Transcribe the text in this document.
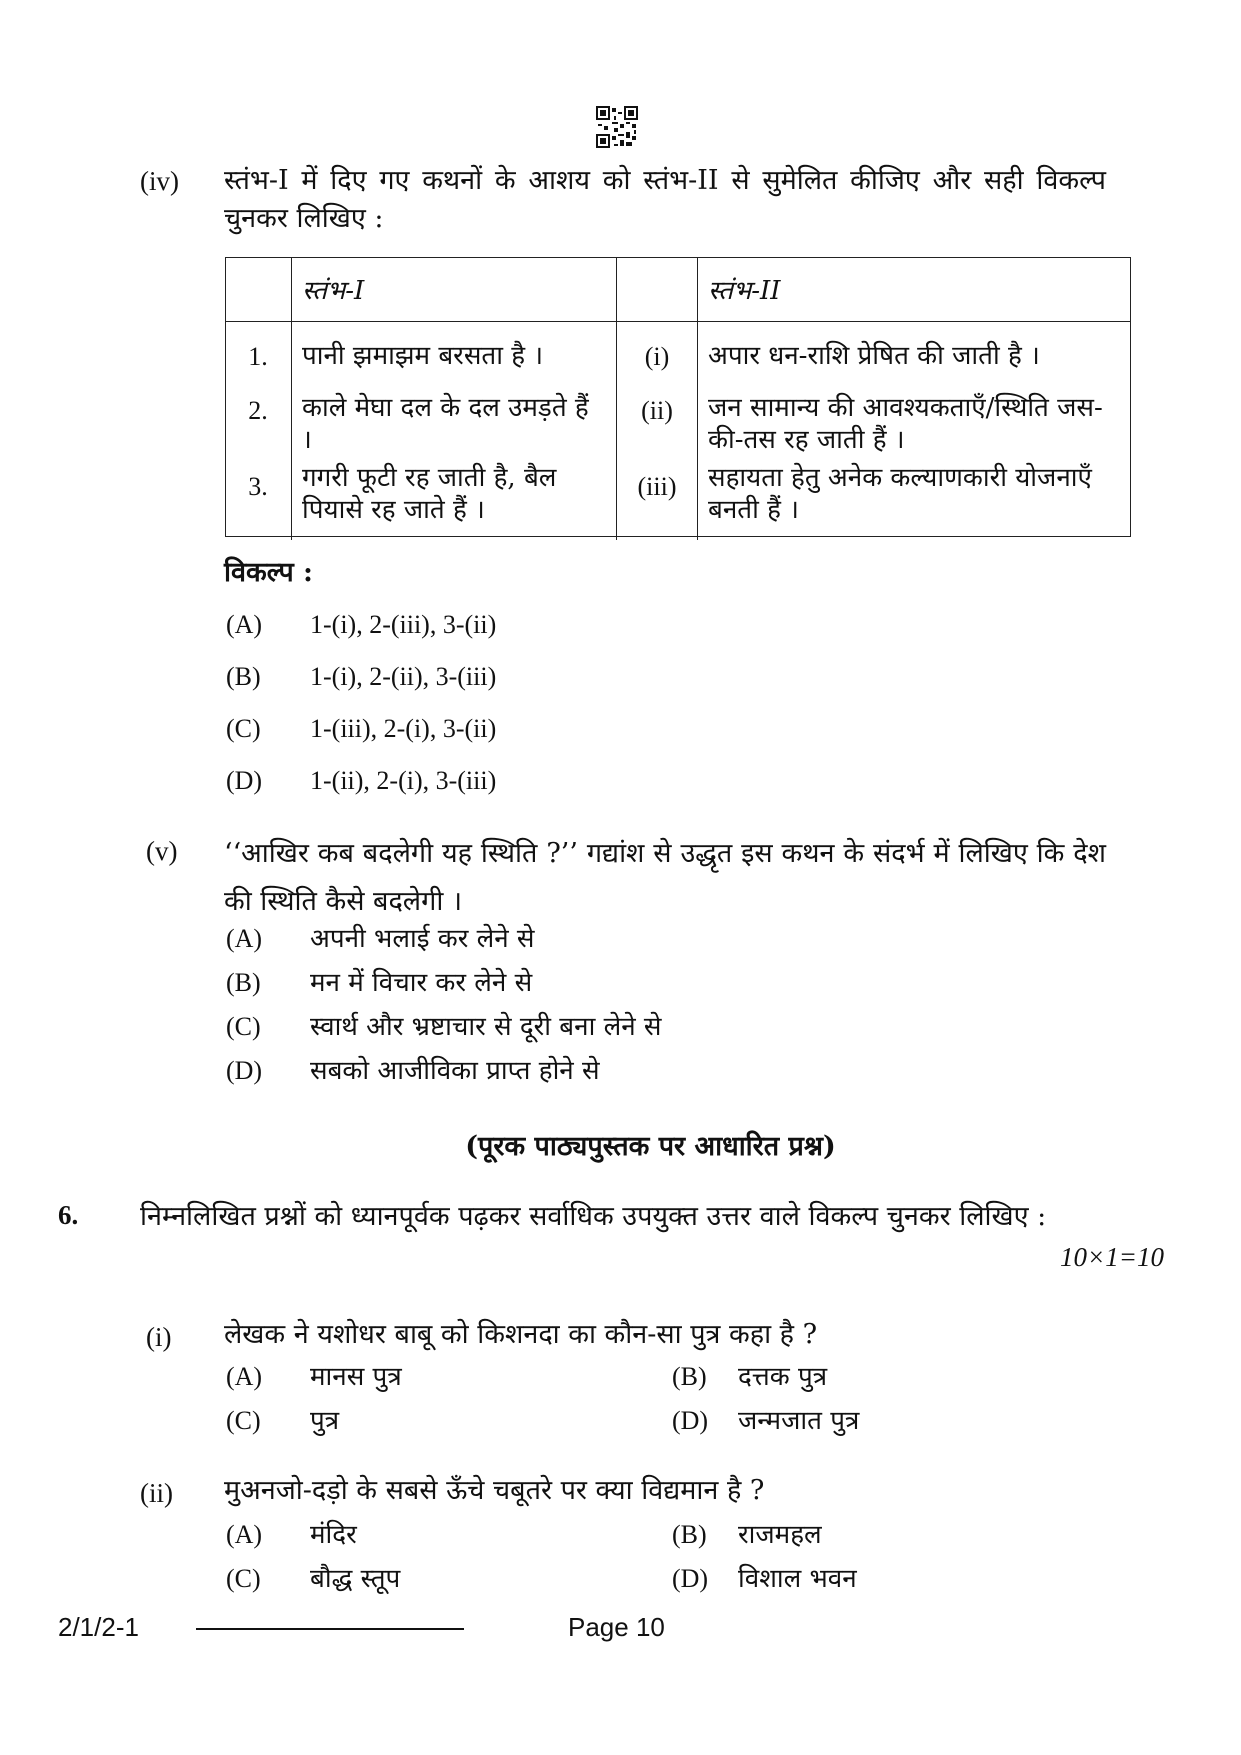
(iv) स्तंभ-I में दिए गए कथनों के आशय को स्तंभ-II से सुमेलित कीजिए और सही विकल्प चुनकर लिखिए :
	स्तंभ-I		स्तंभ-II
1.	पानी झमाझम बरसता है ।	(i)	अपार धन-राशि प्रेषित की जाती है ।
2.	काले मेघा दल के दल उमड़ते हैं ।	(ii)	जन सामान्य की आवश्यकताएँ/स्थिति जस-की-तस रह जाती हैं ।
3.	गगरी फूटी रह जाती है, बैल पियासे रह जाते हैं ।	(iii)	सहायता हेतु अनेक कल्याणकारी योजनाएँ बनती हैं ।
विकल्प :
(A) 1-(i), 2-(iii), 3-(ii)
(B) 1-(i), 2-(ii), 3-(iii)
(C) 1-(iii), 2-(i), 3-(ii)
(D) 1-(ii), 2-(i), 3-(iii)
(v) ‘‘आखिर कब बदलेगी यह स्थिति ?’’ गद्यांश से उद्धृत इस कथन के संदर्भ में लिखिए कि देश की स्थिति कैसे बदलेगी ।
(A) अपनी भलाई कर लेने से
(B) मन में विचार कर लेने से
(C) स्वार्थ और भ्रष्टाचार से दूरी बना लेने से
(D) सबको आजीविका प्राप्त होने से
(पूरक पाठ्यपुस्तक पर आधारित प्रश्न)
6. निम्नलिखित प्रश्नों को ध्यानपूर्वक पढ़कर सर्वाधिक उपयुक्त उत्तर वाले विकल्प चुनकर लिखिए :
10×1=10
(i) लेखक ने यशोधर बाबू को किशनदा का कौन-सा पुत्र कहा है ?
(A) मानस पुत्र	(B) दत्तक पुत्र
(C) पुत्र	(D) जन्मजात पुत्र
(ii) मुअनजो-दड़ो के सबसे ऊँचे चबूतरे पर क्या विद्यमान है ?
(A) मंदिर	(B) राजमहल
(C) बौद्ध स्तूप	(D) विशाल भवन
2/1/2-1	Page 10
